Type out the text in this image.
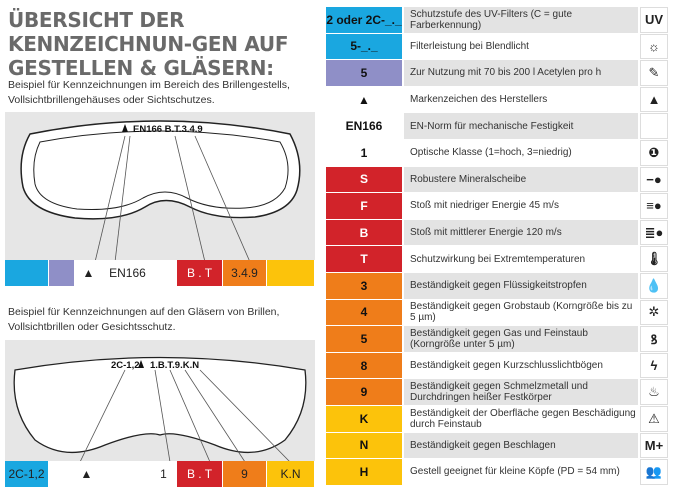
ÜBERSICHT DER KENNZEICHNUN-GEN AUF GESTELLEN & GLÄSERN:
Beispiel für Kennzeichnungen im Bereich des Brillengestells, Vollsichtbrillengehäuses oder Sichtschutzes.
EN166 B.T.3.4.9
▲	EN166	B . T	3.4.9
Beispiel für Kennzeichnungen auf den Gläsern von Brillen, Vollsichtbrillen oder Gesichtsschutz.
2C-1,2 1.B.T.9.K.N
2C-1,2	▲	1	B . T	9	K.N
2 oder 2C-_._ Schutzstufe des UV-Filters (C = gute Farberkennung)	UV
5-_._	Filterleistung bei Blendlicht	☼
5	Zur Nutzung mit 70 bis 200 l Acetylen pro h	✎
▲	Markenzeichen des Herstellers	▲
EN166	EN-Norm für mechanische Festigkeit
1	Optische Klasse (1=hoch, 3=niedrig)	❶
S	Robustere Mineralscheibe	−●
F	Stoß mit niedriger Energie 45 m/s	≡●
B	Stoß mit mittlerer Energie 120 m/s	≣●
T	Schutzwirkung bei Extremtemperaturen	🌡
3	Beständigkeit gegen Flüssigkeitstropfen	💧
4	Beständigkeit gegen Grobstaub (Korngröße bis zu 5 µm)	✲
5	Beständigkeit gegen Gas und Feinstaub (Korngröße unter 5 µm)	ꝸ
8	Beständigkeit gegen Kurzschlusslichtbögen	ϟ
9	Beständigkeit gegen Schmelzmetall und Durchdringen heißer Festkörper	♨
K	Beständigkeit der Oberfläche gegen Beschädigung durch Feinstaub	⚠
N	Beständigkeit gegen Beschlagen	M+
H	Gestell geeignet für kleine Köpfe (PD = 54 mm)	👥
